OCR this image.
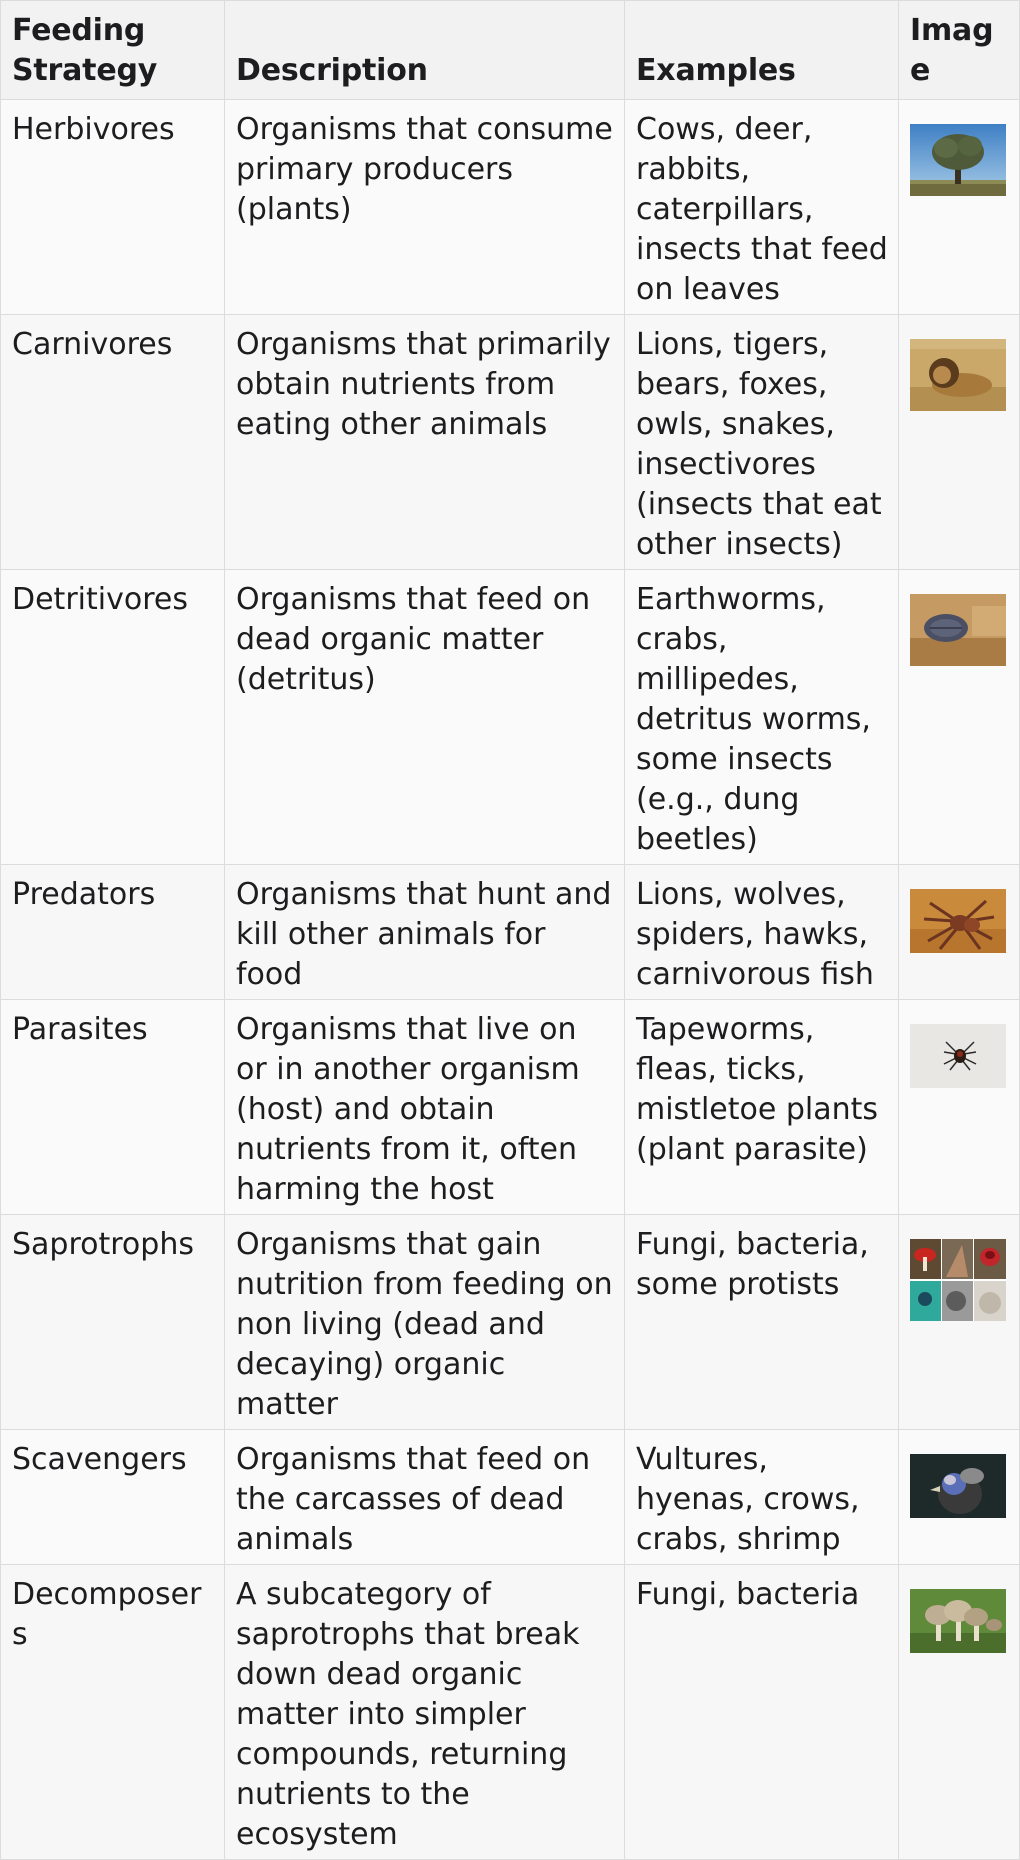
Feeding Strategy	Description	Examples	Image
Herbivores	Organisms that consume primary producers (plants)	Cows, deer, rabbits, caterpillars, insects that feed on leaves	

Carnivores	Organisms that primarily obtain nutrients from eating other animals	Lions, tigers, bears, foxes, owls, snakes, insectivores (insects that eat other insects)	

Detritivores	Organisms that feed on dead organic matter (detritus)	Earthworms, crabs, millipedes, detritus worms, some insects (e.g., dung beetles)	

Predators	Organisms that hunt and kill other animals for food	Lions, wolves, spiders, hawks, carnivorous fish	

Parasites	Organisms that live on or in another organism (host) and obtain nutrients from it, often harming the host	Tapeworms, fleas, ticks, mistletoe plants (plant parasite)	

Saprotrophs	Organisms that gain nutrition from feeding on non living (dead and decaying) organic matter	Fungi, bacteria, some protists	

Scavengers	Organisms that feed on the carcasses of dead animals	Vultures, hyenas, crows, crabs, shrimp	

Decomposers	A subcategory of saprotrophs that break down dead organic matter into simpler compounds, returning nutrients to the ecosystem	Fungi, bacteria	
